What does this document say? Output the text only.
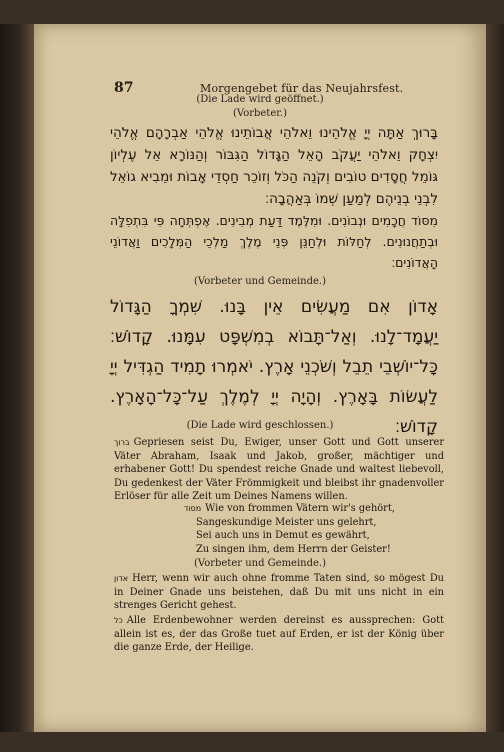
87	Morgengebet für das Neujahrsfest.
(Die Lade wird geöffnet.)
(Vorbeter.)

בָּרוּךְ אַתָּה יְיָ אֱלֹהֵינוּ וֵאלֹהֵי אֲבוֹתֵינוּ אֱלֹהֵי אַבְרָהָם אֱלֹהֵי יִצְחָק וֵאלֹהֵי יַעֲקֹב הָאֵל הַגָּדוֹל הַגִּבּוֹר וְהַנּוֹרָא אֵל עֶלְיוֹן גּוֹמֵל חֲסָדִים טוֹבִים וְקֹנֵה הַכֹּל וְזוֹכֵר חַסְדֵי אָבוֹת וּמֵבִיא גוֹאֵל לִבְנֵי בְנֵיהֶם לְמַעַן שְׁמוֹ בְּאַהֲבָה׃

מִסּוֹד חֲכָמִים וּנְבוֹנִים. וּמִלֶּמֶד דַּעַת מְבִינִים. אֶפְתְּחָה פִּי בִּתְפִלָּה וּבְתַחֲנוּנִים. לְחַלּוֹת וּלְחַנֵּן פְּנֵי מֶלֶךְ מַלְכֵי הַמְּלָכִים וַאֲדוֹנֵי הָאֲדוֹנִים׃

(Vorbeter und Gemeinde.)

אָדוֹן אִם מַעֲשִׂים אֵין בָּנוּ. שִׁמְךָ הַגָּדוֹל יַעֲמָד־לָנוּ. וְאַל־תָּבוֹא בְמִשְׁפָּט עִמָּנוּ. קָדוֹשׁ׃ כָּל־יוֹשְׁבֵי תֵבֵל וְשֹׁכְנֵי אָרֶץ. יֹאמְרוּ תָמִיד הַגְדִּיל יְיָ לַעֲשׂוֹת בָּאָרֶץ. וְהָיָה יְיָ לְמֶלֶךְ עַל־כָּל־הָאָרֶץ. קָדוֹשׁ׃

(Die Lade wird geschlossen.)

ברוך Gepriesen seist Du, Ewiger, unser Gott und Gott unserer Väter Abraham, Isaak und Jakob, großer, mächtiger und erhabener Gott! Du spendest reiche Gnade und waltest liebevoll, Du gedenkest der Väter Frömmigkeit und bleibst ihr gnadenvoller Erlöser für alle Zeit um Deines Namens willen.

מסוד Wie von frommen Vätern wir's gehört,
Sangeskundige Meister uns gelehrt,
Sei auch uns in Demut es gewährt,
Zu singen ihm, dem Herrn der Geister!
(Vorbeter und Gemeinde.)

אדון Herr, wenn wir auch ohne fromme Taten sind, so mögest Du in Deiner Gnade uns beistehen, daß Du mit uns nicht in ein strenges Gericht gehest.

כל Alle Erdenbewohner werden dereinst es aussprechen: Gott allein ist es, der das Große tuet auf Erden, er ist der König über die ganze Erde, der Heilige.
